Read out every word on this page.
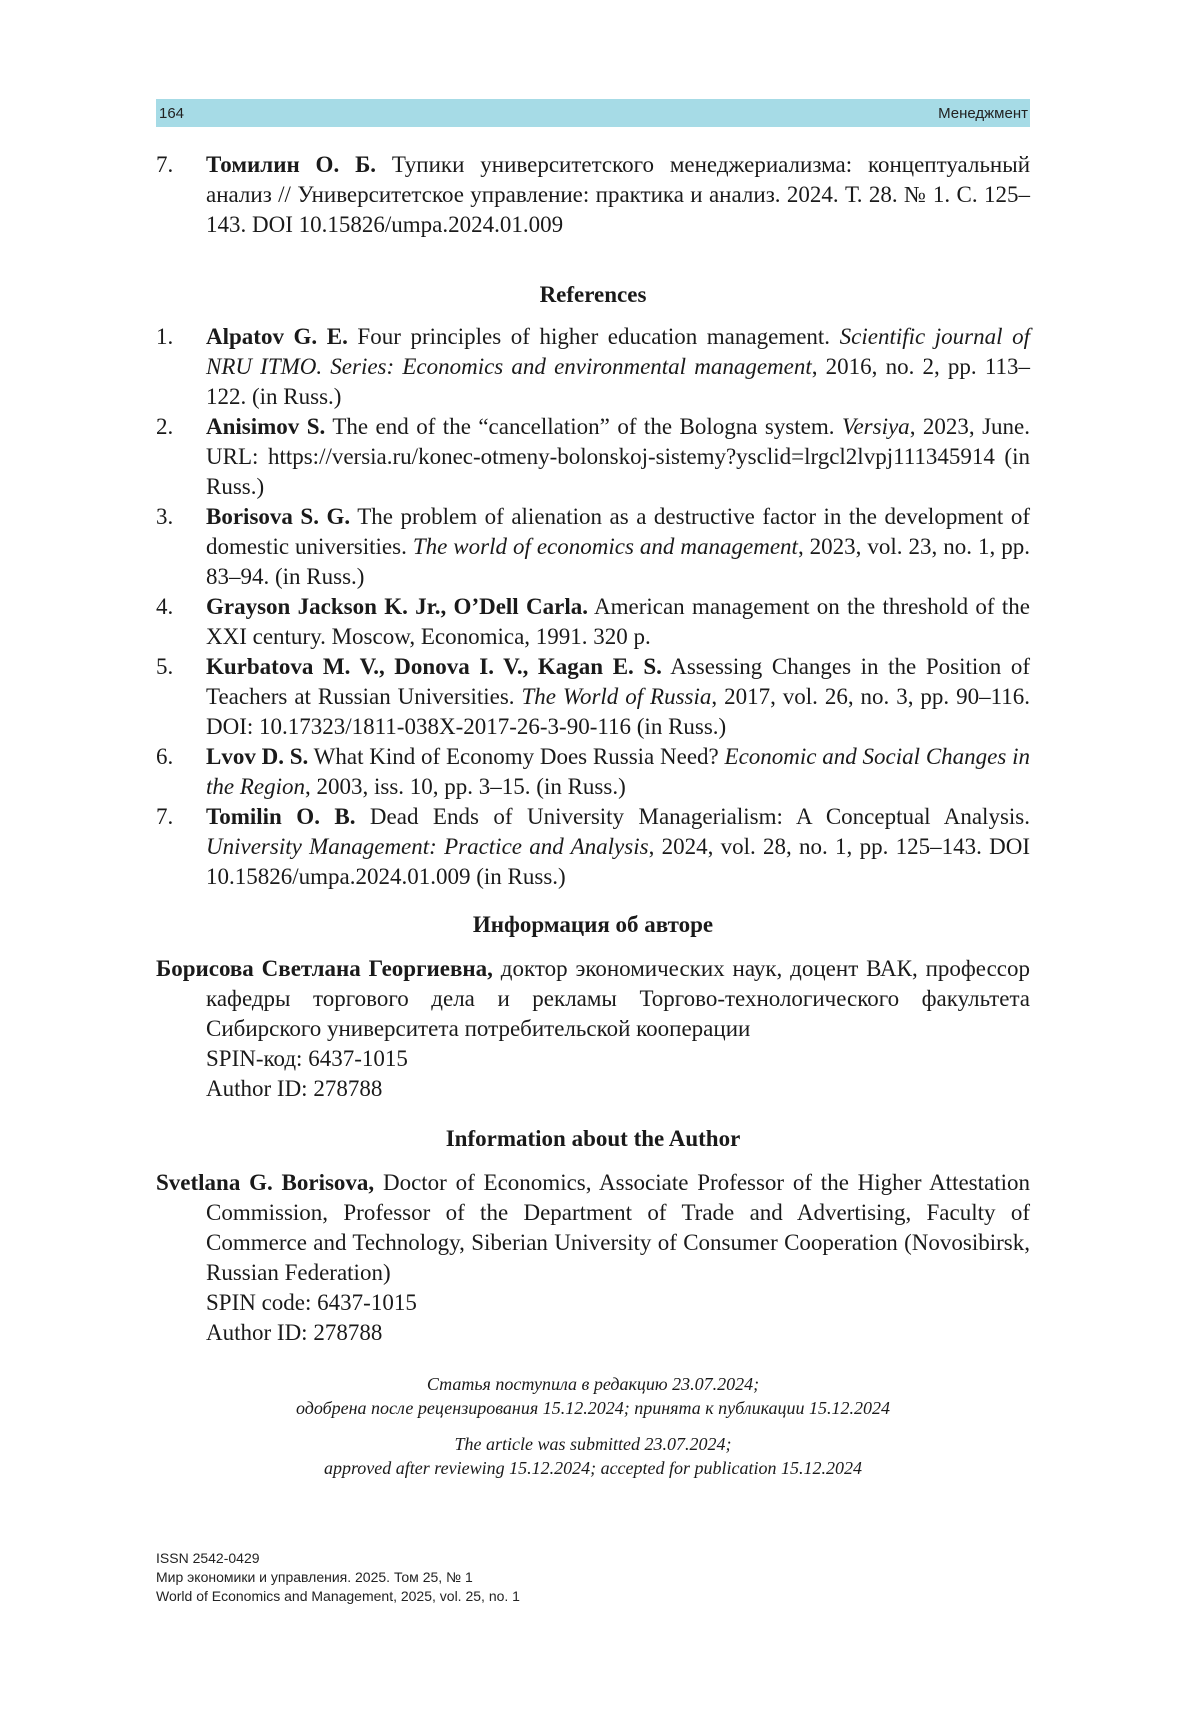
164	Менеджмент
7.	Томилин О. Б. Тупики университетского менеджериализма: концептуальный анализ // Университетское управление: практика и анализ. 2024. Т. 28. № 1. С. 125–143. DOI 10.15826/umpa.2024.01.009
References
1.	Alpatov G. E. Four principles of higher education management. Scientific journal of NRU ITMO. Series: Economics and environmental management, 2016, no. 2, pp. 113–122. (in Russ.)
2.	Anisimov S. The end of the “cancellation” of the Bologna system. Versiya, 2023, June. URL: https://versia.ru/konec-otmeny-bolonskoj-sistemy?ysclid=lrgcl2lvpj111345914 (in Russ.)
3.	Borisova S. G. The problem of alienation as a destructive factor in the development of domestic universities. The world of economics and management, 2023, vol. 23, no. 1, pp. 83–94. (in Russ.)
4.	Grayson Jackson K. Jr., O’Dell Carla. American management on the threshold of the XXI century. Moscow, Economica, 1991. 320 p.
5.	Kurbatova M. V., Donova I. V., Kagan E. S. Assessing Changes in the Position of Teachers at Russian Universities. The World of Russia, 2017, vol. 26, no. 3, pp. 90–116. DOI: 10.17323/1811-038X-2017-26-3-90-116 (in Russ.)
6.	Lvov D. S. What Kind of Economy Does Russia Need? Economic and Social Changes in the Region, 2003, iss. 10, pp. 3–15. (in Russ.)
7.	Tomilin O. B. Dead Ends of University Managerialism: A Conceptual Analysis. University Management: Practice and Analysis, 2024, vol. 28, no. 1, pp. 125–143. DOI 10.15826/umpa.2024.01.009 (in Russ.)
Информация об авторе
Борисова Светлана Георгиевна, доктор экономических наук, доцент ВАК, профессор кафедры торгового дела и рекламы Торгово-технологического факультета Сибирского университета потребительской кооперации
SPIN-код: 6437-1015
Author ID: 278788
Information about the Author
Svetlana G. Borisova, Doctor of Economics, Associate Professor of the Higher Attestation Commission, Professor of the Department of Trade and Advertising, Faculty of Commerce and Technology, Siberian University of Consumer Cooperation (Novosibirsk, Russian Federation)
SPIN code: 6437-1015
Author ID: 278788
Статья поступила в редакцию 23.07.2024;
одобрена после рецензирования 15.12.2024; принята к публикации 15.12.2024
The article was submitted 23.07.2024;
approved after reviewing 15.12.2024; accepted for publication 15.12.2024
ISSN 2542-0429
Мир экономики и управления. 2025. Том 25, № 1
World of Economics and Management, 2025, vol. 25, no. 1
